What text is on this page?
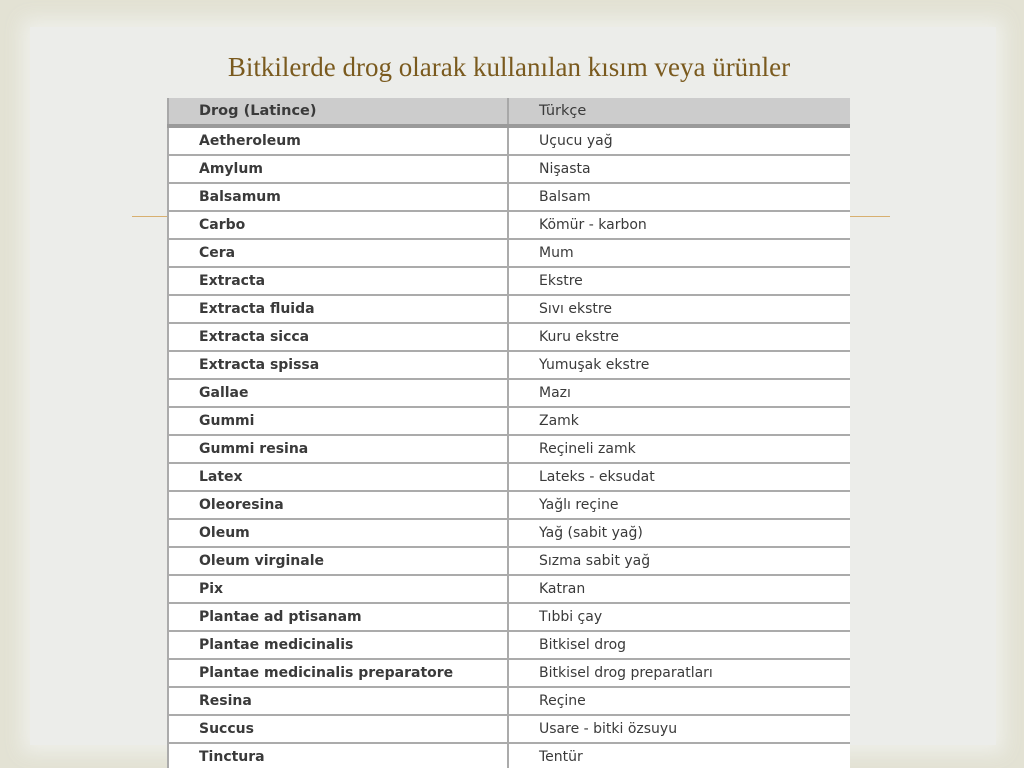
Bitkilerde drog olarak kullanılan kısım veya ürünler
Drog (Latince)	Türkçe
Aetheroleum	Uçucu yağ
Amylum	Nişasta
Balsamum	Balsam
Carbo	Kömür - karbon
Cera	Mum
Extracta	Ekstre
Extracta fluida	Sıvı ekstre
Extracta sicca	Kuru ekstre
Extracta spissa	Yumuşak ekstre
Gallae	Mazı
Gummi	Zamk
Gummi resina	Reçineli zamk
Latex	Lateks - eksudat
Oleoresina	Yağlı reçine
Oleum	Yağ (sabit yağ)
Oleum virginale	Sızma sabit yağ
Pix	Katran
Plantae ad ptisanam	Tıbbi çay
Plantae medicinalis	Bitkisel drog
Plantae medicinalis preparatore	Bitkisel drog preparatları
Resina	Reçine
Succus	Usare - bitki özsuyu
Tinctura	Tentür
